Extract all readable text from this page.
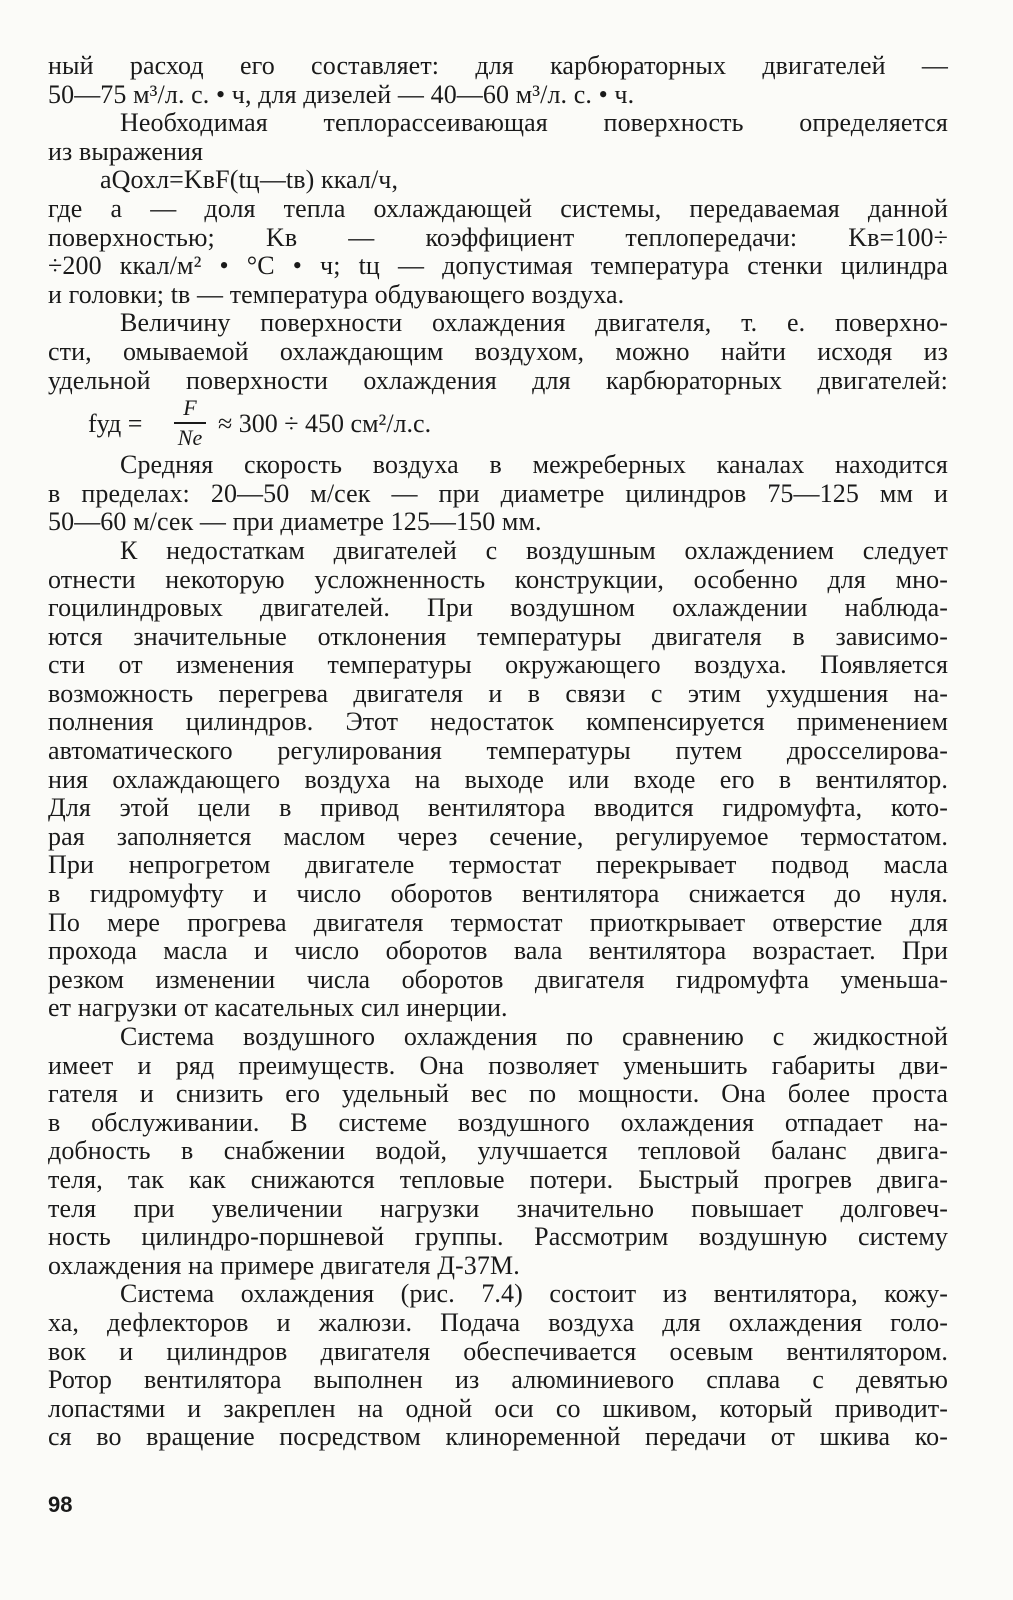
ный расход его составляет: для карбюраторных двигателей —
50—75 м³/л. с. • ч, для дизелей — 40—60 м³/л. с. • ч.
Необходимая теплорассеивающая поверхность определяется
из выражения
aQохл=KвF(tц—tв) ккал/ч,
где a — доля тепла охлаждающей системы, передаваемая данной
поверхностью; Kв — коэффициент теплопередачи: Kв=100÷
÷200 ккал/м² • °C • ч; tц — допустимая температура стенки цилиндра
и головки; tв — температура обдувающего воздуха.
Величину поверхности охлаждения двигателя, т. е. поверхно-
сти, омываемой охлаждающим воздухом, можно найти исходя из
удельной поверхности охлаждения для карбюраторных двигателей:
fуд =
F
Ne ≈ 300 ÷ 450 см²/л.с.
Средняя скорость воздуха в межреберных каналах находится
в пределах: 20—50 м/сек — при диаметре цилиндров 75—125 мм и
50—60 м/сек — при диаметре 125—150 мм.
К недостаткам двигателей с воздушным охлаждением следует
отнести некоторую усложненность конструкции, особенно для мно-
гоцилиндровых двигателей. При воздушном охлаждении наблюда-
ются значительные отклонения температуры двигателя в зависимо-
сти от изменения температуры окружающего воздуха. Появляется
возможность перегрева двигателя и в связи с этим ухудшения на-
полнения цилиндров. Этот недостаток компенсируется применением
автоматического регулирования температуры путем дросселирова-
ния охлаждающего воздуха на выходе или входе его в вентилятор.
Для этой цели в привод вентилятора вводится гидромуфта, кото-
рая заполняется маслом через сечение, регулируемое термостатом.
При непрогретом двигателе термостат перекрывает подвод масла
в гидромуфту и число оборотов вентилятора снижается до нуля.
По мере прогрева двигателя термостат приоткрывает отверстие для
прохода масла и число оборотов вала вентилятора возрастает. При
резком изменении числа оборотов двигателя гидромуфта уменьша-
ет нагрузки от касательных сил инерции.
Система воздушного охлаждения по сравнению с жидкостной
имеет и ряд преимуществ. Она позволяет уменьшить габариты дви-
гателя и снизить его удельный вес по мощности. Она более проста
в обслуживании. В системе воздушного охлаждения отпадает на-
добность в снабжении водой, улучшается тепловой баланс двига-
теля, так как снижаются тепловые потери. Быстрый прогрев двига-
теля при увеличении нагрузки значительно повышает долговеч-
ность цилиндро-поршневой группы. Рассмотрим воздушную систему
охлаждения на примере двигателя Д-37М.
Система охлаждения (рис. 7.4) состоит из вентилятора, кожу-
ха, дефлекторов и жалюзи. Подача воздуха для охлаждения голо-
вок и цилиндров двигателя обеспечивается осевым вентилятором.
Ротор вентилятора выполнен из алюминиевого сплава с девятью
лопастями и закреплен на одной оси со шкивом, который приводит-
ся во вращение посредством клиноременной передачи от шкива ко-
98
